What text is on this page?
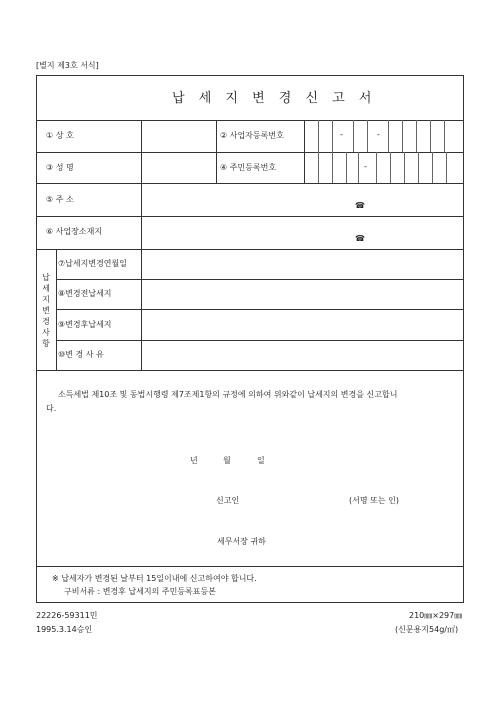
[별지 제3호 서식]
납 세 지 변 경 신 고 서
① 상 호	② 사업자등록번호	-	-
③ 성 명	④ 주민등록번호	-
⑤ 주 소
☎
⑥ 사업장소재지
☎
납
세
지
변
경
사
항
⑦납세지변경연월일
⑧변경전납세지
⑨변경후납세지
⑩변 경 사 유
소득세법 제10조 및 동법시행령 제7조제1항의 규정에 의하여 위와같이 납세지의 변경을 신고합니
다.
년	월	일
신고인	(서명 또는 인)
세무서장 귀하
※ 납세자가 변경된 날부터 15일이내에 신고하여야 합니다.
구비서류 : 변경후 납세지의 주민등록표등본
22226-59311민
1995.3.14승인
210㎜×297㎜
(신문용지54g/㎡)
